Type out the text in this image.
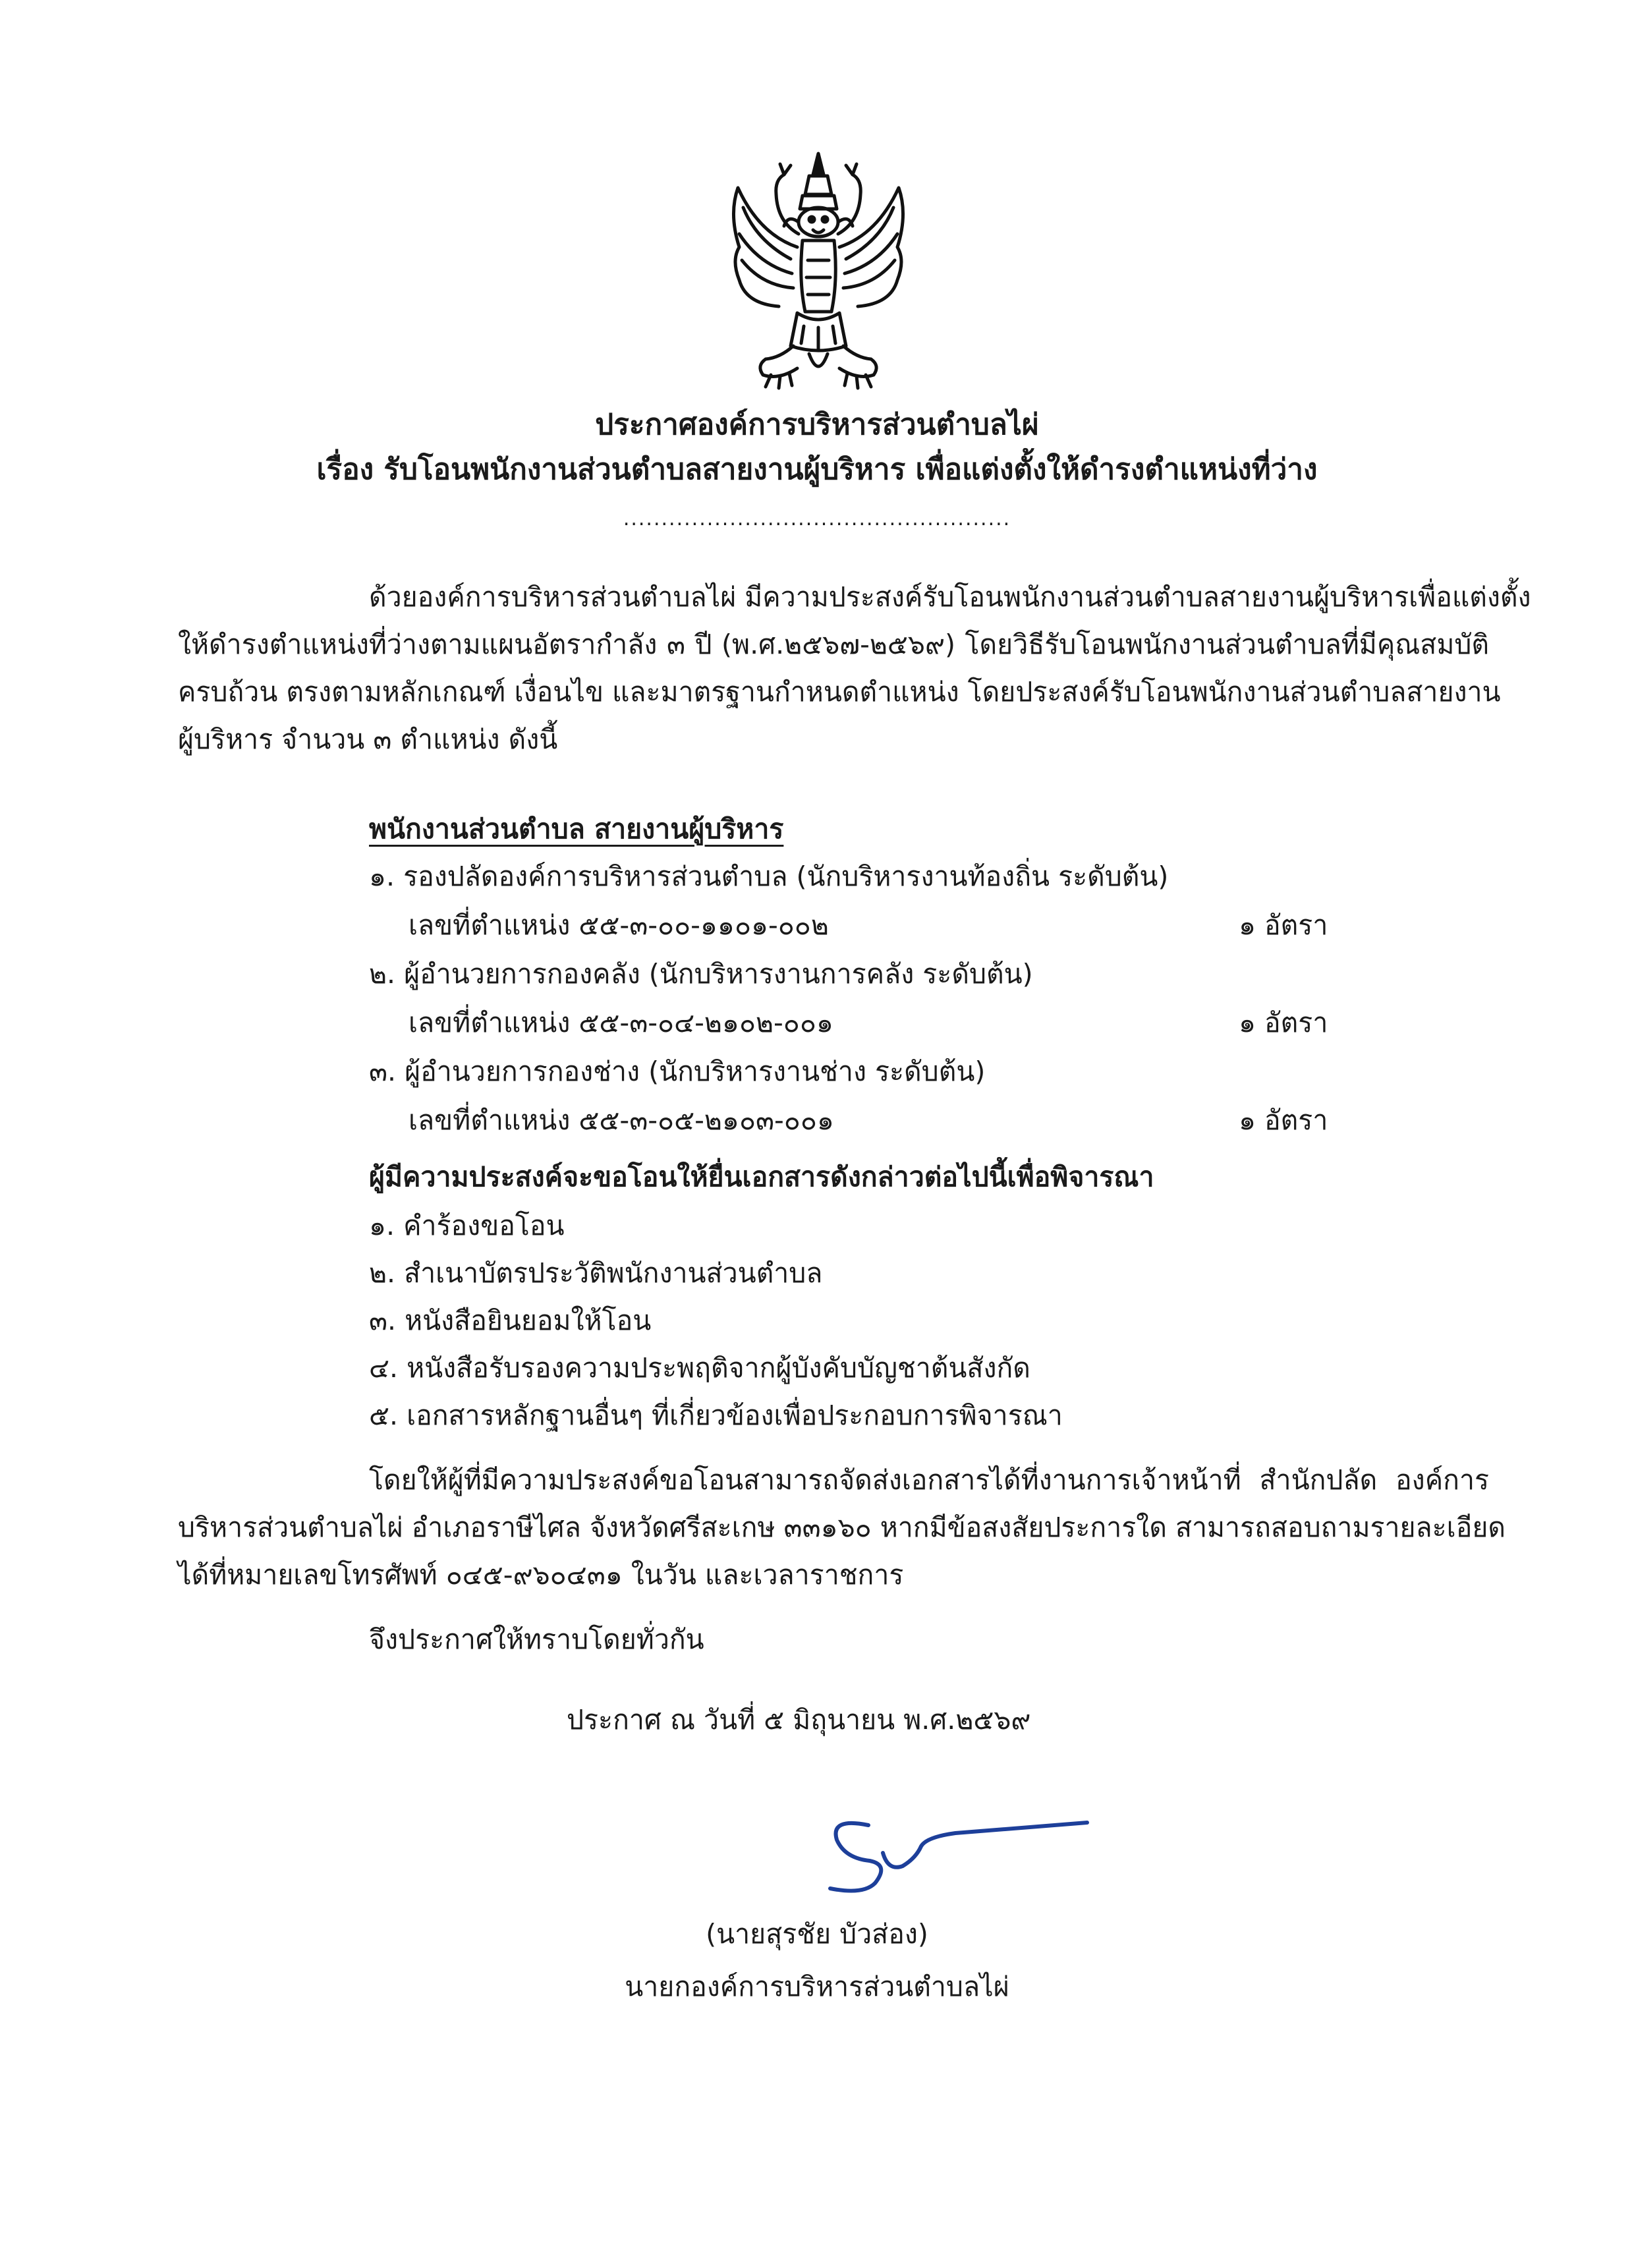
ประกาศองค์การบริหารส่วนตำบลไผ่
เรื่อง รับโอนพนักงานส่วนตำบลสายงานผู้บริหาร เพื่อแต่งตั้งให้ดำรงตำแหน่งที่ว่าง
...................................................
ด้วยองค์การบริหารส่วนตำบลไผ่ มีความประสงค์รับโอนพนักงานส่วนตำบลสายงานผู้บริหารเพื่อแต่งตั้ง
ให้ดำรงตำแหน่งที่ว่างตามแผนอัตรากำลัง ๓ ปี (พ.ศ.๒๕๖๗-๒๕๖๙) โดยวิธีรับโอนพนักงานส่วนตำบลที่มีคุณสมบัติ
ครบถ้วน ตรงตามหลักเกณฑ์ เงื่อนไข และมาตรฐานกำหนดตำแหน่ง โดยประสงค์รับโอนพนักงานส่วนตำบลสายงาน
ผู้บริหาร จำนวน ๓ ตำแหน่ง ดังนี้
พนักงานส่วนตำบล สายงานผู้บริหาร
๑. รองปลัดองค์การบริหารส่วนตำบล (นักบริหารงานท้องถิ่น ระดับต้น)
เลขที่ตำแหน่ง ๕๕-๓-๐๐-๑๑๐๑-๐๐๒	๑ อัตรา
๒. ผู้อำนวยการกองคลัง (นักบริหารงานการคลัง ระดับต้น)
เลขที่ตำแหน่ง ๕๕-๓-๐๔-๒๑๐๒-๐๐๑	๑ อัตรา
๓. ผู้อำนวยการกองช่าง (นักบริหารงานช่าง ระดับต้น)
เลขที่ตำแหน่ง ๕๕-๓-๐๕-๒๑๐๓-๐๐๑	๑ อัตรา
ผู้มีความประสงค์จะขอโอนให้ยื่นเอกสารดังกล่าวต่อไปนี้เพื่อพิจารณา
๑. คำร้องขอโอน
๒. สำเนาบัตรประวัติพนักงานส่วนตำบล
๓. หนังสือยินยอมให้โอน
๔. หนังสือรับรองความประพฤติจากผู้บังคับบัญชาต้นสังกัด
๕. เอกสารหลักฐานอื่นๆ ที่เกี่ยวข้องเพื่อประกอบการพิจารณา
โดยให้ผู้ที่มีความประสงค์ขอโอนสามารถจัดส่งเอกสารได้ที่งานการเจ้าหน้าที่ สำนักปลัด องค์การ
บริหารส่วนตำบลไผ่ อำเภอราษีไศล จังหวัดศรีสะเกษ ๓๓๑๖๐ หากมีข้อสงสัยประการใด สามารถสอบถามรายละเอียด
ได้ที่หมายเลขโทรศัพท์ ๐๔๕-๙๖๐๔๓๑ ในวัน และเวลาราชการ
จึงประกาศให้ทราบโดยทั่วกัน
ประกาศ ณ วันที่ ๕ มิถุนายน พ.ศ.๒๕๖๙
(นายสุรชัย บัวส่อง)
นายกองค์การบริหารส่วนตำบลไผ่
